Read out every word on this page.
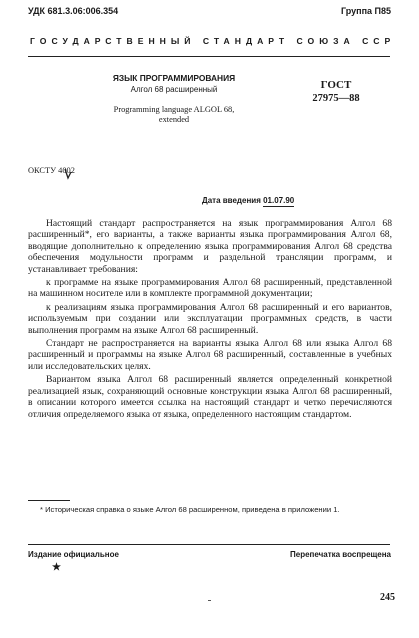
УДК 681.3.06:006.354	Группа П85
ГОСУДАРСТВЕННЫЙ СТАНДАРТ СОЮЗА ССР
ЯЗЫК ПРОГРАММИРОВАНИЯ
Алгол 68 расширенный
Programming language ALGOL 68, extended
ГОСТ
27975—88
ОКСТУ 4002
Дата введения 01.07.90

Настоящий стандарт распространяется на язык программирования Алгол 68 расширенный*, его варианты, а также варианты языка программирования Алгол 68, вводящие дополнительно к определению языка программирования Алгол 68 средства обеспечения модульности программ и раздельной трансляции программ, и устанавливает требования:

к программе на языке программирования Алгол 68 расширенный, представленной на машинном носителе или в комплекте программной документации;

к реализациям языка программирования Алгол 68 расширенный и его вариантов, используемым при создании или эксплуатации программных средств, в части выполнения программ на языке Алгол 68 расширенный.

Стандарт не распространяется на варианты языка Алгол 68 или языка Алгол 68 расширенный и программы на языке Алгол 68 расширенный, составленные в учебных или исследовательских целях.

Вариантом языка Алгол 68 расширенный является определенный конкретной реализацией язык, сохраняющий основные конструкции языка Алгол 68 расширенный, в описании которого имеется ссылка на настоящий стандарт и четко перечисляются отличия определяемого языка от языка, определенного настоящим стандартом.

* Историческая справка о языке Алгол 68 расширенном, приведена в приложении 1.
Издание официальное	Перепечатка воспрещена
★
245
